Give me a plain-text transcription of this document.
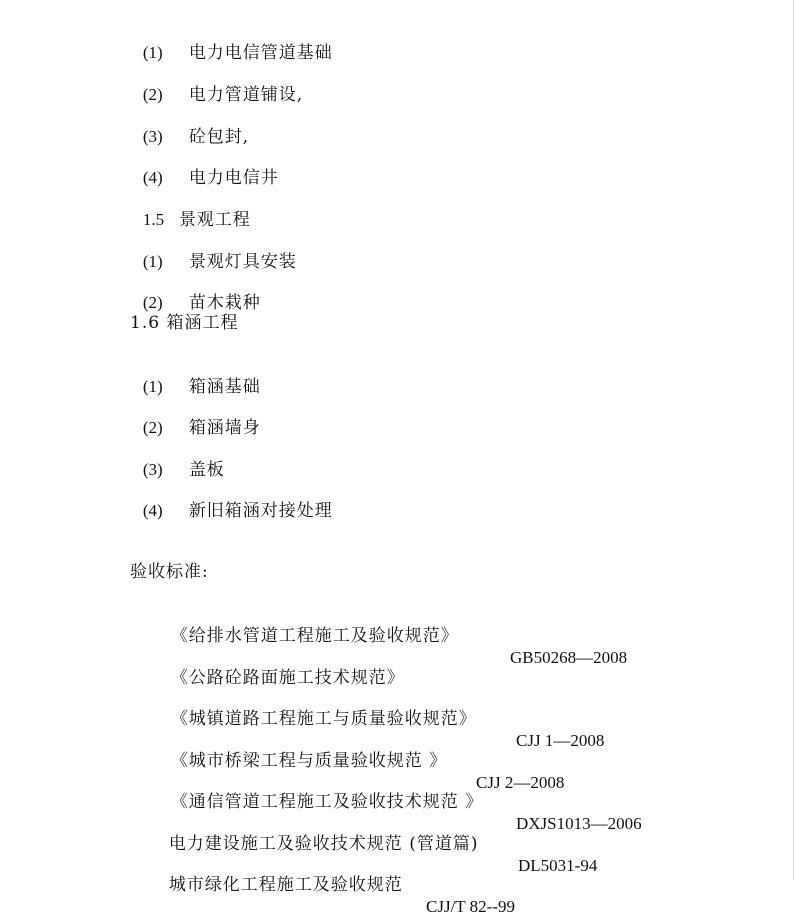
(1) 电力电信管道基础

(2) 电力管道铺设,

(3) 砼包封,

(4) 电力电信井

1.5 景观工程

(1) 景观灯具安装

(2) 苗木栽种

1.6 箱涵工程

(1) 箱涵基础

(2) 箱涵墙身

(3) 盖板

(4) 新旧箱涵对接处理

验收标准:

《给排水管道工程施工及验收规范》

GB50268—2008

《公路砼路面施工技术规范》

《城镇道路工程施工与质量验收规范》

CJJ 1—2008

《城市桥梁工程与质量验收规范 》

CJJ 2—2008

《通信管道工程施工及验收技术规范 》

DXJS1013—2006

电力建设施工及验收技术规范 (管道篇)

DL5031-94

城市绿化工程施工及验收规范

CJJ/T 82--99
